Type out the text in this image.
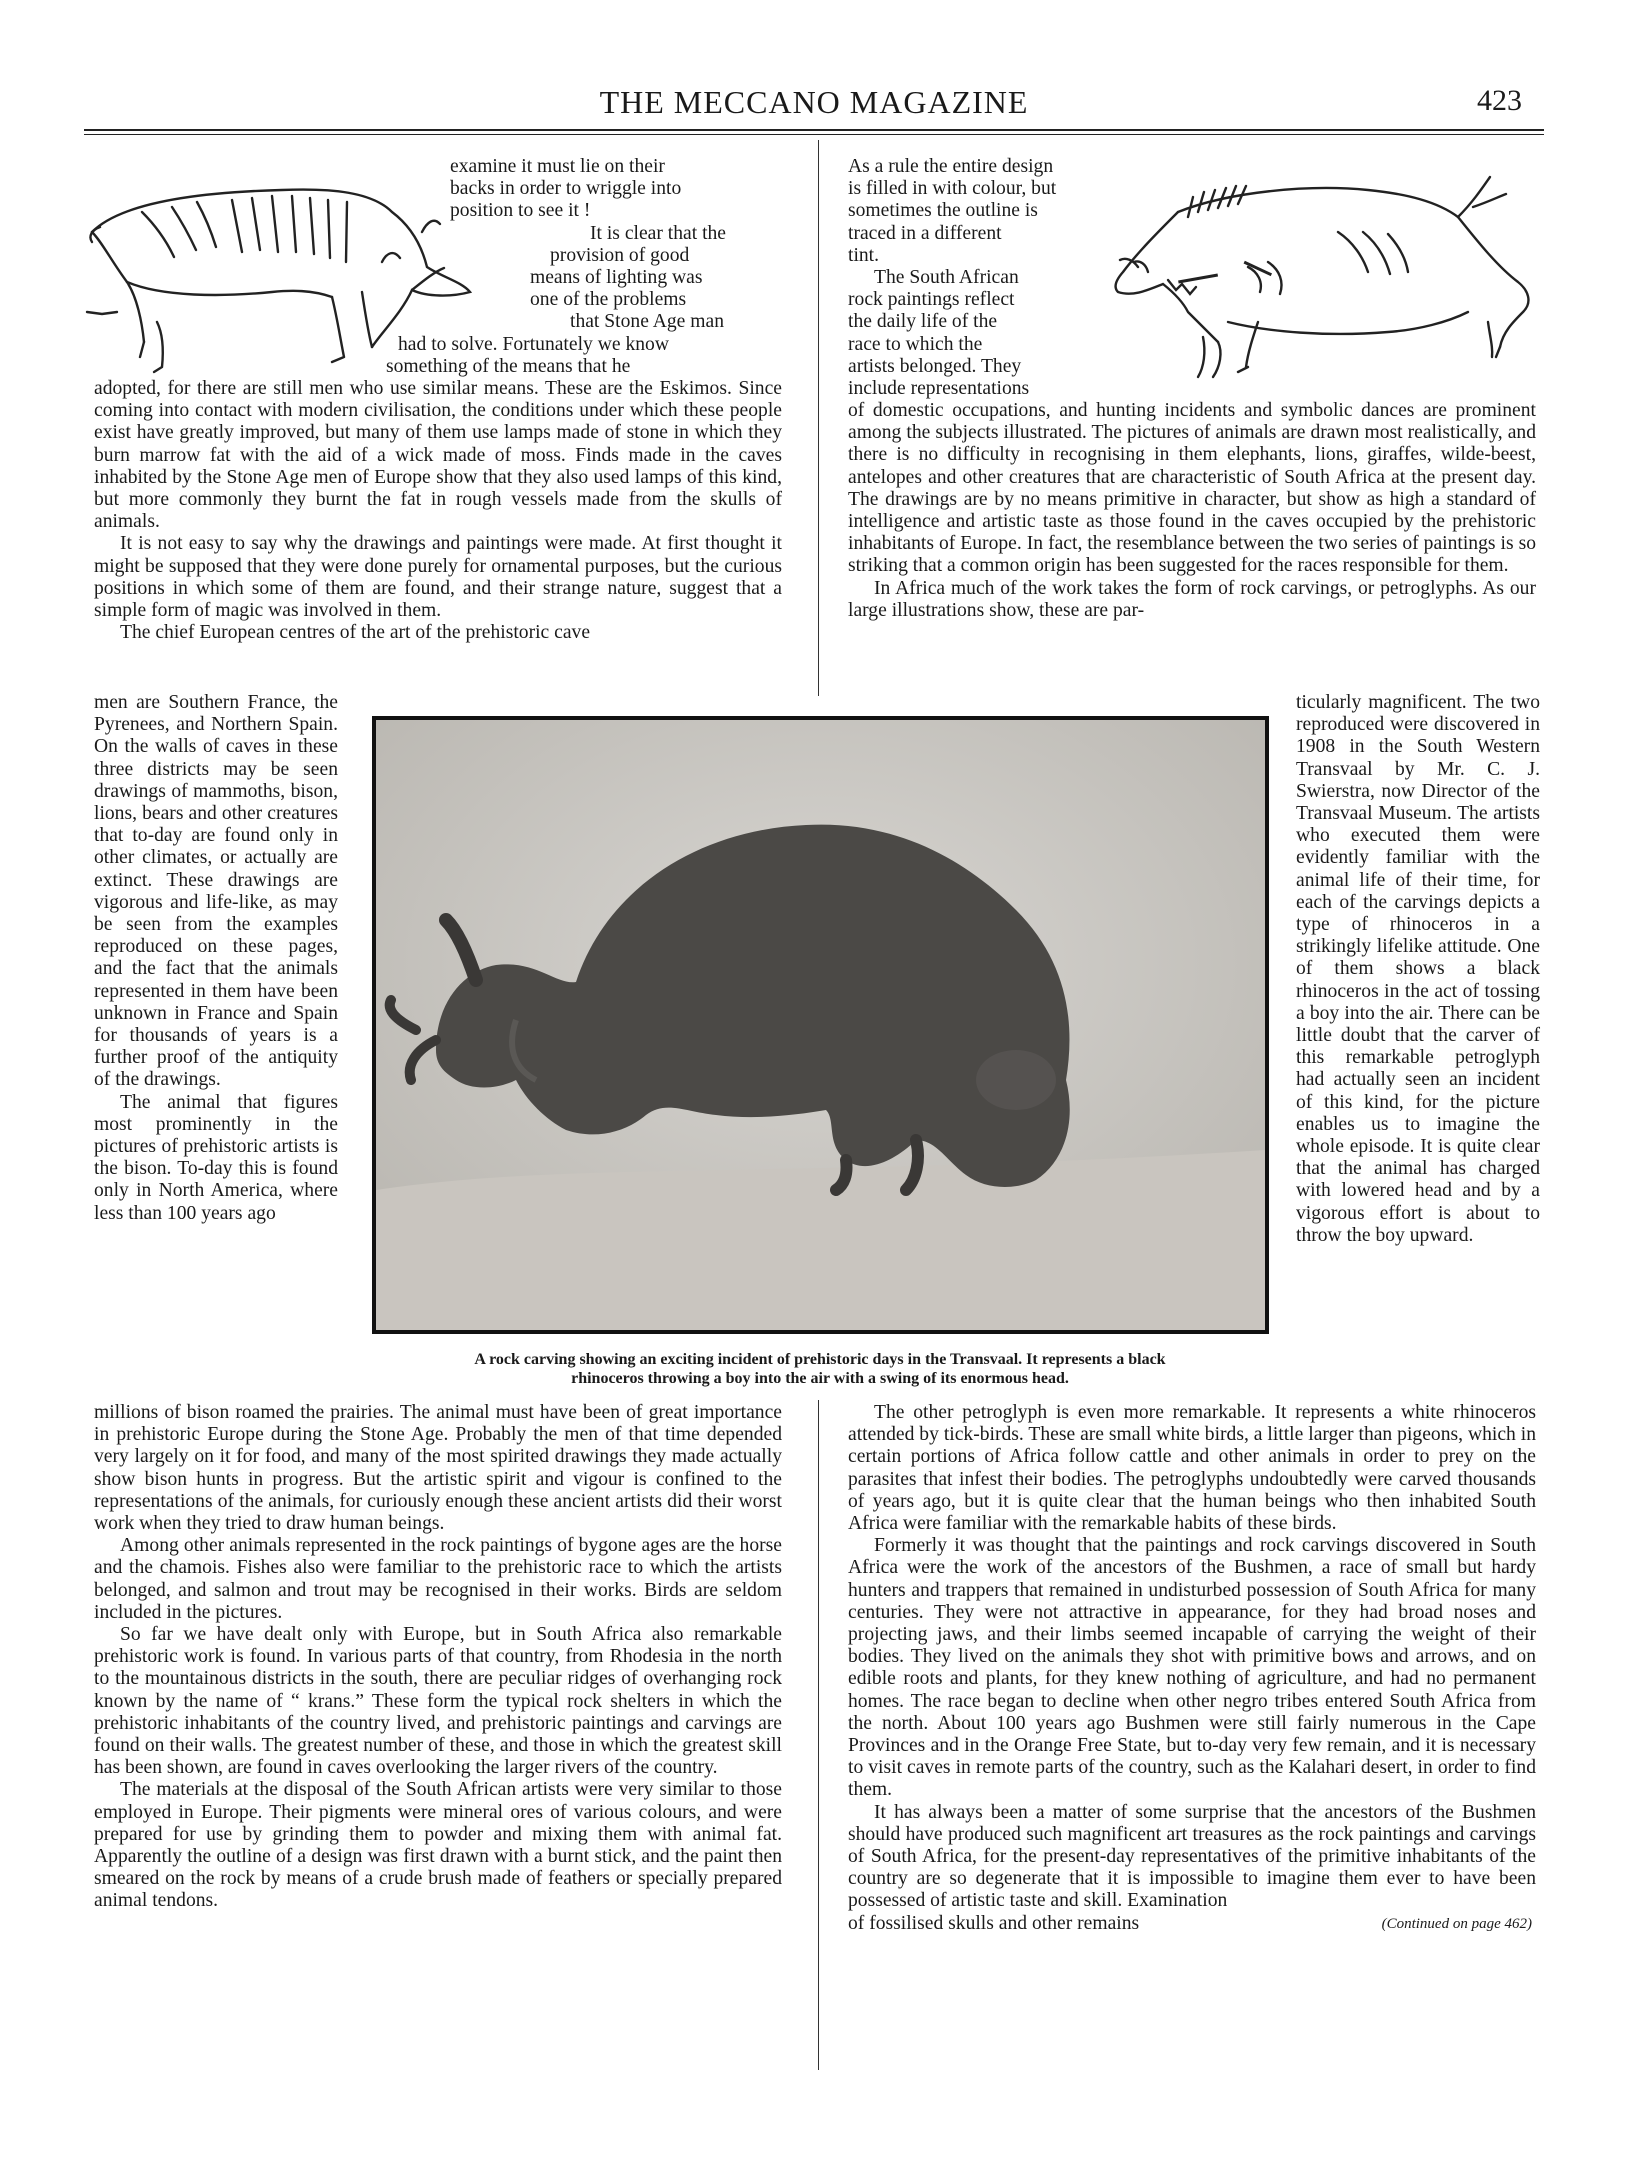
THE MECCANO MAGAZINE	423
examine it must lie on their
backs in order to wriggle into
position to see it !
It is clear that the
provision of good
means of lighting was
one of the problems
that Stone Age man
had to solve. Fortunately we know
something of the means that he

adopted, for there are still men who use similar means. These are the Eskimos. Since coming into contact with modern civilisation, the conditions under which these people exist have greatly improved, but many of them use lamps made of stone in which they burn marrow fat with the aid of a wick made of moss. Finds made in the caves inhabited by the Stone Age men of Europe show that they also used lamps of this kind, but more commonly they burnt the fat in rough vessels made from the skulls of animals.

It is not easy to say why the drawings and paintings were made. At first thought it might be supposed that they were done purely for ornamental purposes, but the curious positions in which some of them are found, and their strange nature, suggest that a simple form of magic was involved in them.

The chief European centres of the art of the prehistoric cave

men are Southern France, the Pyrenees, and Northern Spain. On the walls of caves in these three districts may be seen drawings of mammoths, bison, lions, bears and other creatures that to-day are found only in other climates, or actually are extinct. These drawings are vigorous and life-like, as may be seen from the examples reproduced on these pages, and the fact that the animals represented in them have been unknown in France and Spain for thousands of years is a further proof of the antiquity of the drawings.

The animal that figures most prominently in the pictures of prehistoric artists is the bison. To-day this is found only in North America, where less than 100 years ago

A rock carving showing an exciting incident of prehistoric days in the Transvaal. It represents a black
rhinoceros throwing a boy into the air with a swing of its enormous head.

millions of bison roamed the prairies. The animal must have been of great importance in prehistoric Europe during the Stone Age. Probably the men of that time depended very largely on it for food, and many of the most spirited drawings they made actually show bison hunts in progress. But the artistic spirit and vigour is confined to the representations of the animals, for curiously enough these ancient artists did their worst work when they tried to draw human beings.

Among other animals represented in the rock paintings of bygone ages are the horse and the chamois. Fishes also were familiar to the prehistoric race to which the artists belonged, and salmon and trout may be recognised in their works. Birds are seldom included in the pictures.

So far we have dealt only with Europe, but in South Africa also remarkable prehistoric work is found. In various parts of that country, from Rhodesia in the north to the mountainous districts in the south, there are peculiar ridges of overhanging rock known by the name of “ krans.” These form the typical rock shelters in which the prehistoric inhabitants of the country lived, and prehistoric paintings and carvings are found on their walls. The greatest number of these, and those in which the greatest skill has been shown, are found in caves overlooking the larger rivers of the country.

The materials at the disposal of the South African artists were very similar to those employed in Europe. Their pigments were mineral ores of various colours, and were prepared for use by grinding them to powder and mixing them with animal fat. Apparently the outline of a design was first drawn with a burnt stick, and the paint then smeared on the rock by means of a crude brush made of feathers or specially prepared animal tendons.

As a rule the entire design
is filled in with colour, but
sometimes the outline is
traced in a different
tint.
The South African
rock paintings reflect
the daily life of the
race to which the
artists belonged. They
include representations

of domestic occupations, and hunting incidents and symbolic dances are prominent among the subjects illustrated. The pictures of animals are drawn most realistically, and there is no difficulty in recognising in them elephants, lions, giraffes, wilde-beest, antelopes and other creatures that are characteristic of South Africa at the present day. The drawings are by no means primitive in character, but show as high a standard of intelligence and artistic taste as those found in the caves occupied by the prehistoric inhabitants of Europe. In fact, the resemblance between the two series of paintings is so striking that a common origin has been suggested for the races responsible for them.

In Africa much of the work takes the form of rock carvings, or petroglyphs. As our large illustrations show, these are par-

ticularly magnificent. The two reproduced were discovered in 1908 in the South Western Transvaal by Mr. C. J. Swierstra, now Director of the Transvaal Museum. The artists who executed them were evidently familiar with the animal life of their time, for each of the carvings depicts a type of rhinoceros in a strikingly lifelike attitude. One of them shows a black rhinoceros in the act of tossing a boy into the air. There can be little doubt that the carver of this remarkable petroglyph had actually seen an incident of this kind, for the picture enables us to imagine the whole episode. It is quite clear that the animal has charged with lowered head and by a vigorous effort is about to throw the boy upward.

The other petroglyph is even more remarkable. It represents a white rhinoceros attended by tick-birds. These are small white birds, a little larger than pigeons, which in certain portions of Africa follow cattle and other animals in order to prey on the parasites that infest their bodies. The petroglyphs undoubtedly were carved thousands of years ago, but it is quite clear that the human beings who then inhabited South Africa were familiar with the remarkable habits of these birds.

Formerly it was thought that the paintings and rock carvings discovered in South Africa were the work of the ancestors of the Bushmen, a race of small but hardy hunters and trappers that remained in undisturbed possession of South Africa for many centuries. They were not attractive in appearance, for they had broad noses and projecting jaws, and their limbs seemed incapable of carrying the weight of their bodies. They lived on the animals they shot with primitive bows and arrows, and on edible roots and plants, for they knew nothing of agriculture, and had no permanent homes. The race began to decline when other negro tribes entered South Africa from the north. About 100 years ago Bushmen were still fairly numerous in the Cape Provinces and in the Orange Free State, but to-day very few remain, and it is necessary to visit caves in remote parts of the country, such as the Kalahari desert, in order to find them.

It has always been a matter of some surprise that the ancestors of the Bushmen should have produced such magnificent art treasures as the rock paintings and carvings of South Africa, for the present-day representatives of the primitive inhabitants of the country are so degenerate that it is impossible to imagine them ever to have been possessed of artistic taste and skill. Examination

of fossilised skulls and other remains	(Continued on page 462)
